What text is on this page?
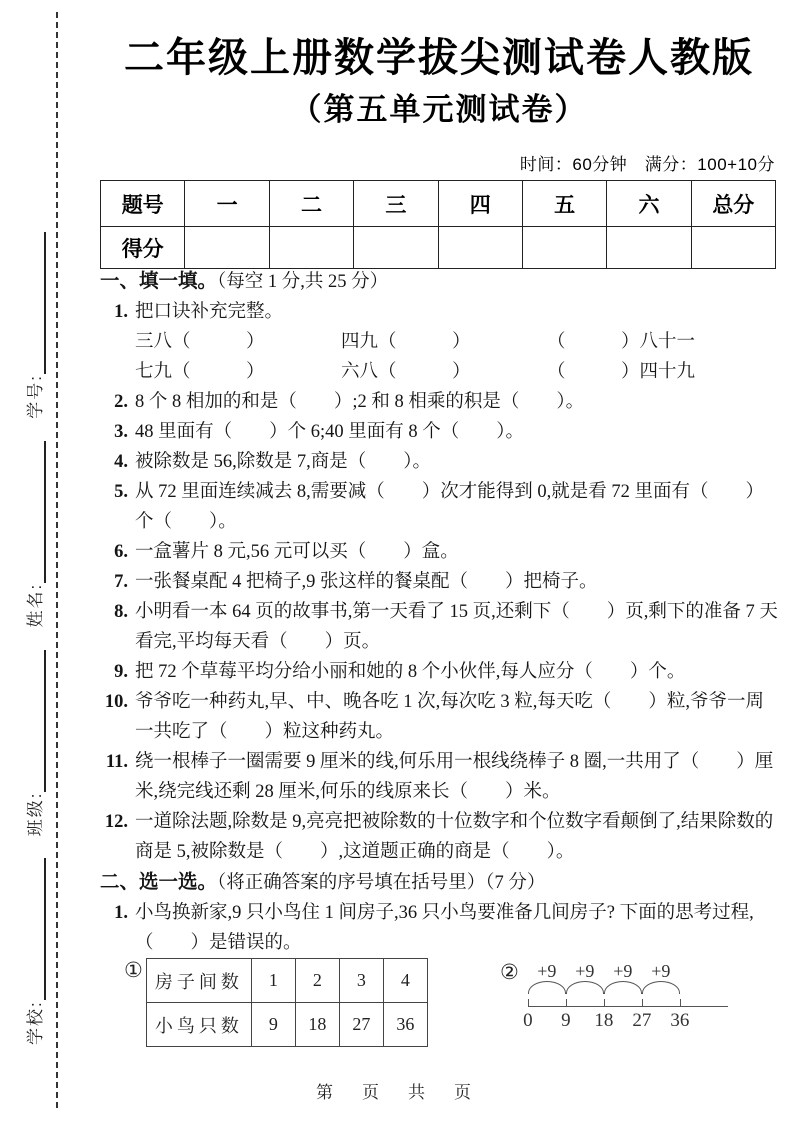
学校:
班级:
姓名:
学号:
二年级上册数学拔尖测试卷人教版
（第五单元测试卷）
时间：60分钟　满分：100+10分
题号	一	二	三	四	五	六	总分
得分							
一、填一填。（每空 1 分,共 25 分）
1. 把口诀补充完整。
三八（　　　）	四九（　　　）	（　　　）八十一
七九（　　　）	六八（　　　）	（　　　）四十九
2. 8 个 8 相加的和是（　　）;2 和 8 相乘的积是（　　）。
3. 48 里面有（　　）个 6;40 里面有 8 个（　　）。
4. 被除数是 56,除数是 7,商是（　　）。
5. 从 72 里面连续减去 8,需要减（　　）次才能得到 0,就是看 72 里面有（　　）个（　　）。
6. 一盒薯片 8 元,56 元可以买（　　）盒。
7. 一张餐桌配 4 把椅子,9 张这样的餐桌配（　　）把椅子。
8. 小明看一本 64 页的故事书,第一天看了 15 页,还剩下（　　）页,剩下的准备 7 天看完,平均每天看（　　）页。
9. 把 72 个草莓平均分给小丽和她的 8 个小伙伴,每人应分（　　）个。
10. 爷爷吃一种药丸,早、中、晚各吃 1 次,每次吃 3 粒,每天吃（　　）粒,爷爷一周一共吃了（　　）粒这种药丸。
11. 绕一根棒子一圈需要 9 厘米的线,何乐用一根线绕棒子 8 圈,一共用了（　　）厘米,绕完线还剩 28 厘米,何乐的线原来长（　　）米。
12. 一道除法题,除数是 9,亮亮把被除数的十位数字和个位数字看颠倒了,结果除数的商是 5,被除数是（　　）,这道题正确的商是（　　）。
二、选一选。（将正确答案的序号填在括号里）（7 分）
1. 小鸟换新家,9 只小鸟住 1 间房子,36 只小鸟要准备几间房子? 下面的思考过程,（　　）是错误的。
① 房子间数	1	2	3	4
小鸟只数	9	18	27	36
②	+9	+9	+9	+9
0	9	18 27 36
第　页　共　页
